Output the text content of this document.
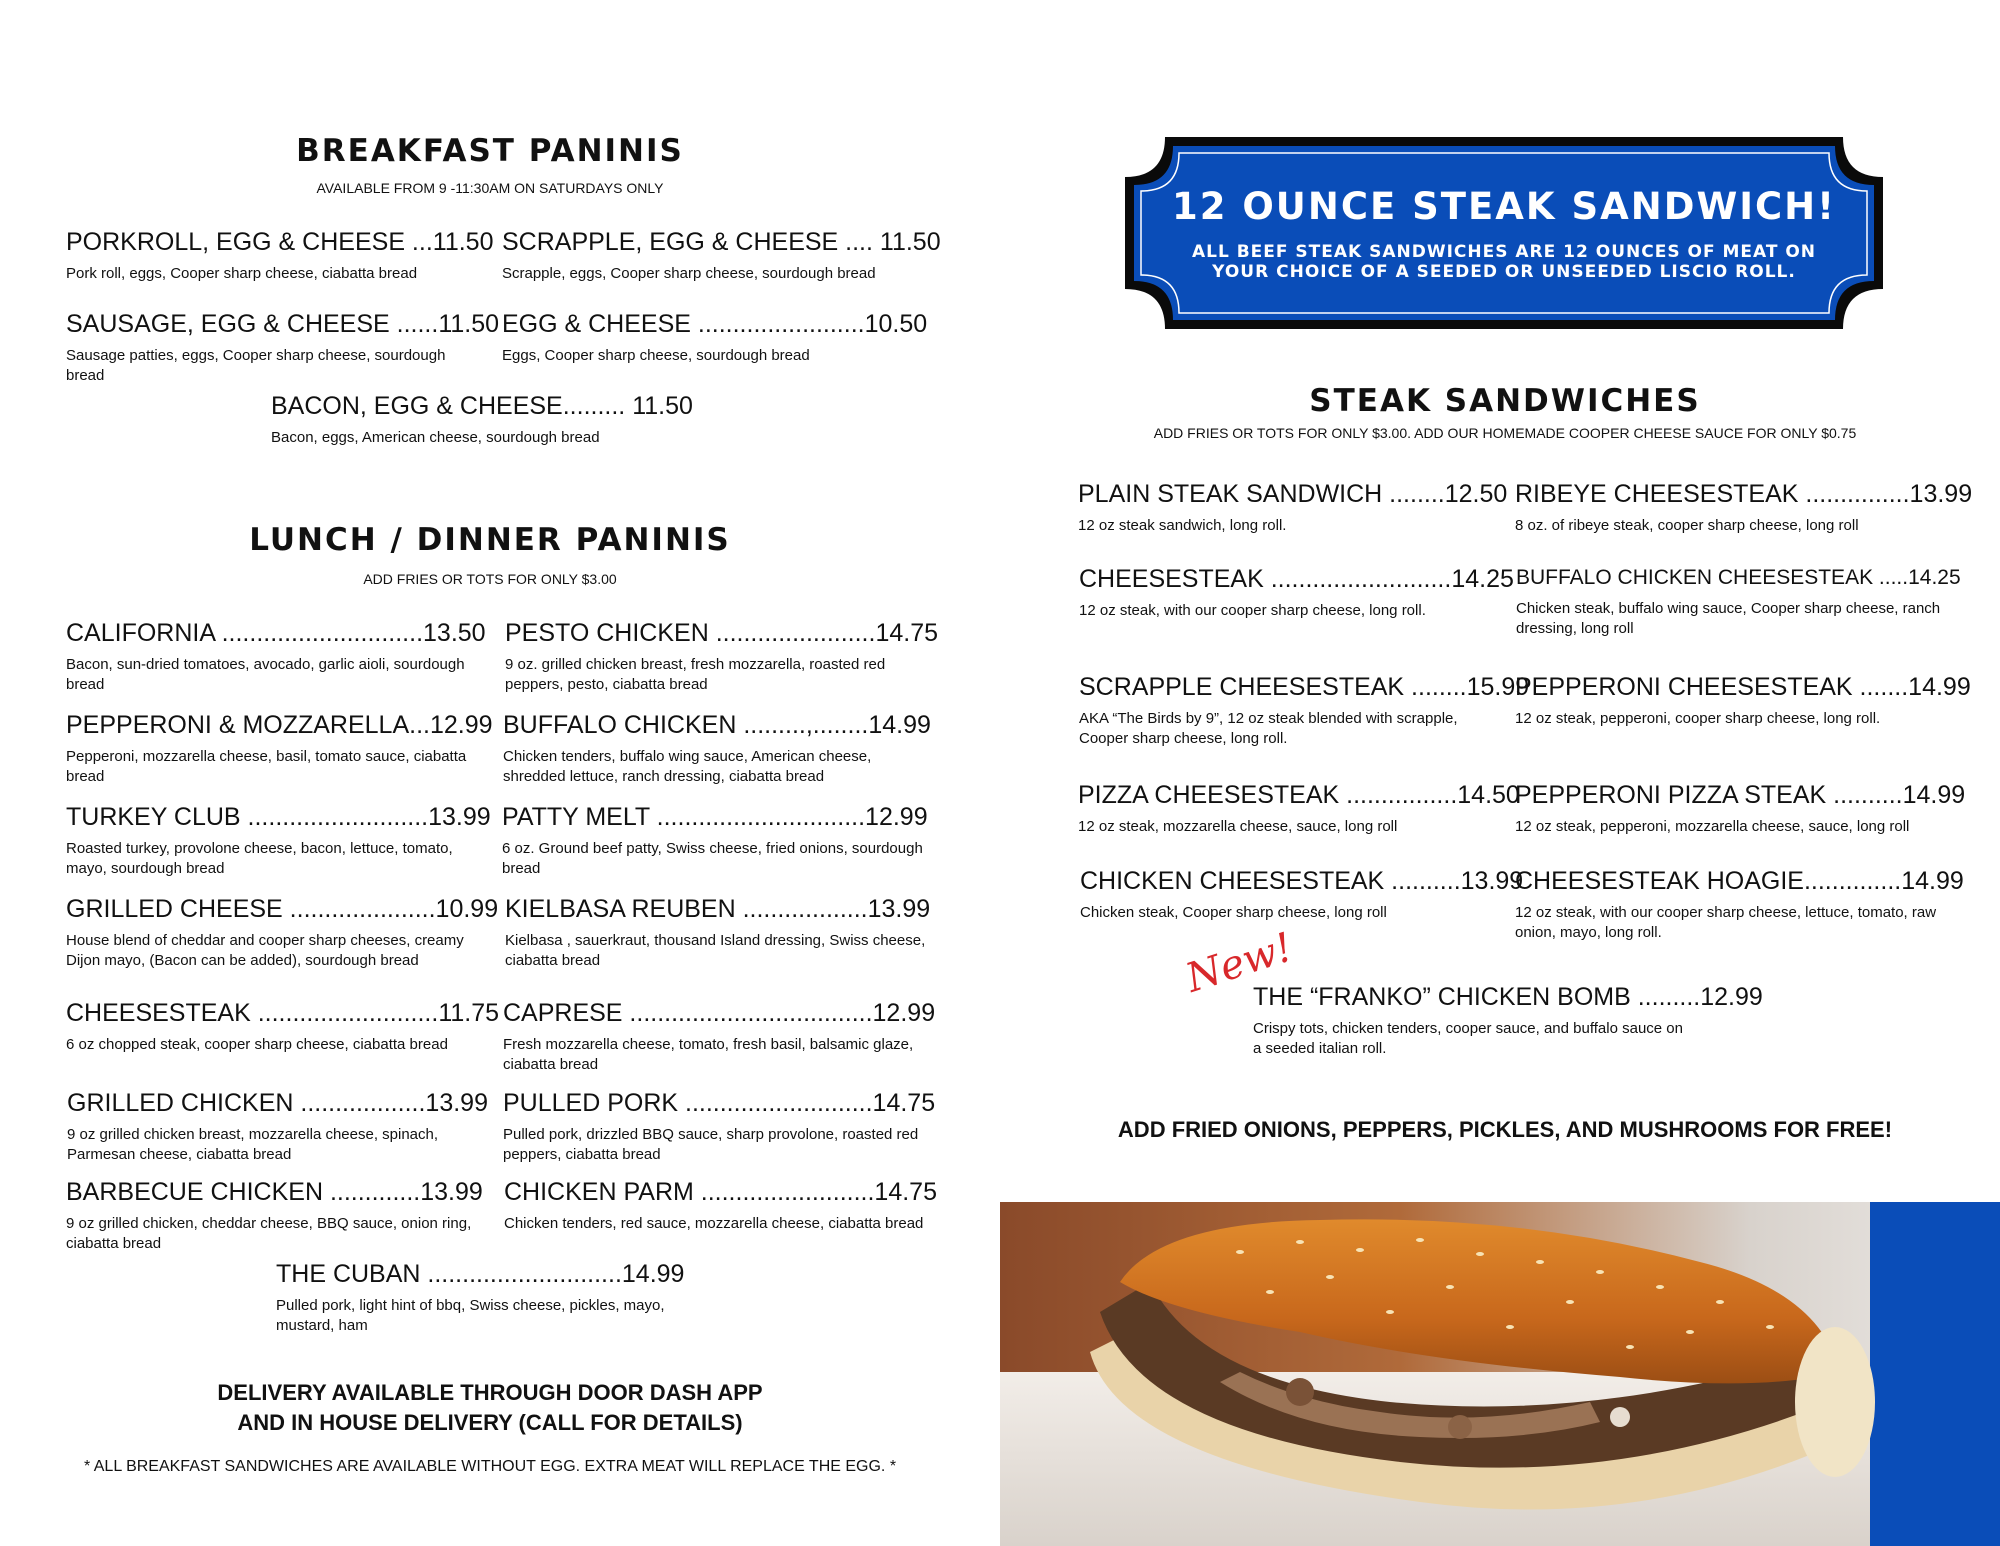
BREAKFAST PANINIS
AVAILABLE FROM 9 -11:30AM ON SATURDAYS ONLY
PORKROLL, EGG & CHEESE ...11.50
Pork roll, eggs, Cooper sharp cheese, ciabatta bread
SCRAPPLE, EGG & CHEESE .... 11.50
Scrapple, eggs, Cooper sharp cheese, sourdough bread
SAUSAGE, EGG & CHEESE ......11.50
Sausage patties, eggs, Cooper sharp cheese, sourdough bread
EGG & CHEESE ........................10.50
Eggs, Cooper sharp cheese, sourdough bread
BACON, EGG & CHEESE......... 11.50
Bacon, eggs, American cheese, sourdough bread
LUNCH / DINNER PANINIS
ADD FRIES OR TOTS FOR ONLY $3.00
CALIFORNIA .............................13.50
Bacon, sun-dried tomatoes, avocado, garlic aioli, sourdough bread
PESTO CHICKEN .......................14.75
9 oz. grilled chicken breast, fresh mozzarella, roasted red peppers, pesto, ciabatta bread
PEPPERONI & MOZZARELLA...12.99
Pepperoni, mozzarella cheese, basil, tomato sauce, ciabatta bread
BUFFALO CHICKEN .........,........14.99
Chicken tenders, buffalo wing sauce, American cheese, shredded lettuce, ranch dressing, ciabatta bread
TURKEY CLUB ..........................13.99
Roasted turkey, provolone cheese, bacon, lettuce, tomato, mayo, sourdough bread
PATTY MELT ..............................12.99
6 oz. Ground beef patty, Swiss cheese, fried onions, sourdough bread
GRILLED CHEESE .....................10.99
House blend of cheddar and cooper sharp cheeses, creamy Dijon mayo, (Bacon can be added), sourdough bread
KIELBASA REUBEN ..................13.99
Kielbasa , sauerkraut, thousand Island dressing, Swiss cheese, ciabatta bread
CHEESESTEAK ..........................11.75
6 oz chopped steak, cooper sharp cheese, ciabatta bread
CAPRESE ...................................12.99
Fresh mozzarella cheese, tomato, fresh basil, balsamic glaze, ciabatta bread
GRILLED CHICKEN ..................13.99
9 oz grilled chicken breast, mozzarella cheese, spinach, Parmesan cheese, ciabatta bread
PULLED PORK ...........................14.75
Pulled pork, drizzled BBQ sauce, sharp provolone, roasted red peppers, ciabatta bread
BARBECUE CHICKEN .............13.99
9 oz grilled chicken, cheddar cheese, BBQ sauce, onion ring, ciabatta bread
CHICKEN PARM .........................14.75
Chicken tenders, red sauce, mozzarella cheese, ciabatta bread
THE CUBAN ............................14.99
Pulled pork, light hint of bbq, Swiss cheese, pickles, mayo, mustard, ham
DELIVERY AVAILABLE THROUGH DOOR DASH APP
AND IN HOUSE DELIVERY (CALL FOR DETAILS)
* ALL BREAKFAST SANDWICHES ARE AVAILABLE WITHOUT EGG. EXTRA MEAT WILL REPLACE THE EGG. *
12 OUNCE STEAK SANDWICH!
ALL BEEF STEAK SANDWICHES ARE 12 OUNCES OF MEAT ON
YOUR CHOICE OF A SEEDED OR UNSEEDED LISCIO ROLL.
STEAK SANDWICHES
ADD FRIES OR TOTS FOR ONLY $3.00. ADD OUR HOMEMADE COOPER CHEESE SAUCE FOR ONLY $0.75
PLAIN STEAK SANDWICH ........12.50
12 oz steak sandwich, long roll.
RIBEYE CHEESESTEAK ...............13.99
8 oz. of ribeye steak, cooper sharp cheese, long roll
CHEESESTEAK ..........................14.25
12 oz steak, with our cooper sharp cheese, long roll.
BUFFALO CHICKEN CHEESESTEAK .....14.25
Chicken steak, buffalo wing sauce, Cooper sharp cheese, ranch dressing, long roll
SCRAPPLE CHEESESTEAK ........15.99
AKA “The Birds by 9”, 12 oz steak blended with scrapple, Cooper sharp cheese, long roll.
PEPPERONI CHEESESTEAK .......14.99
12 oz steak, pepperoni, cooper sharp cheese, long roll.
PIZZA CHEESESTEAK ................14.50
12 oz steak, mozzarella cheese, sauce, long roll
PEPPERONI PIZZA STEAK ..........14.99
12 oz steak, pepperoni, mozzarella cheese, sauce, long roll
CHICKEN CHEESESTEAK ..........13.99
Chicken steak, Cooper sharp cheese, long roll
CHEESESTEAK HOAGIE..............14.99
12 oz steak, with our cooper sharp cheese, lettuce, tomato, raw onion, mayo, long roll.
New!
THE “FRANKO” CHICKEN BOMB .........12.99
Crispy tots, chicken tenders, cooper sauce, and buffalo sauce on a seeded italian roll.
ADD FRIED ONIONS, PEPPERS, PICKLES, AND MUSHROOMS FOR FREE!
